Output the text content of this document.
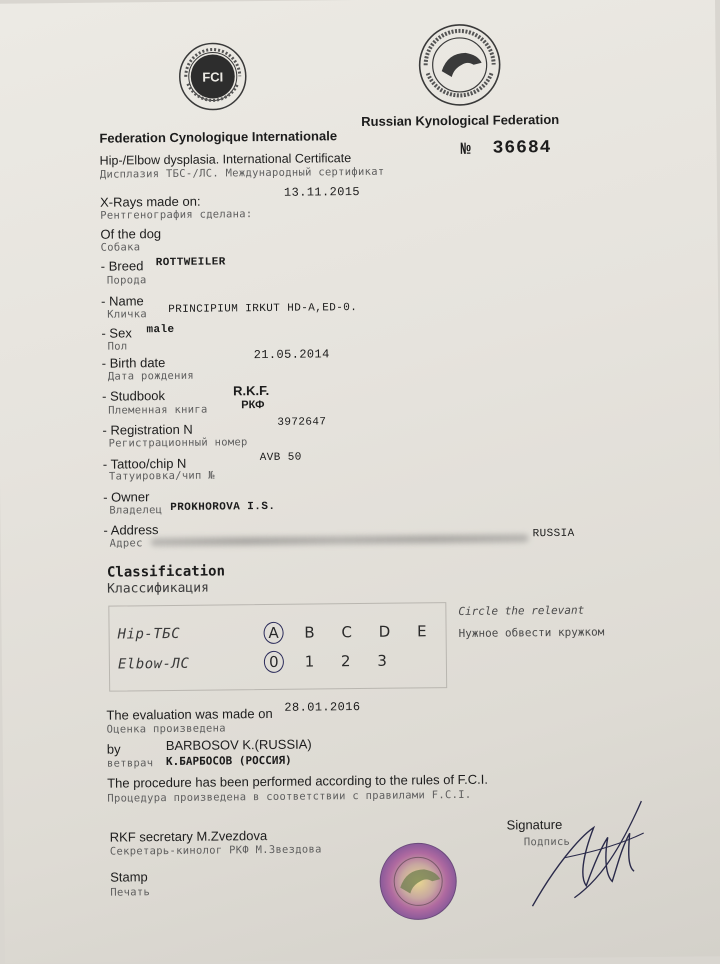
FCI
Federation Cynologique Internationale
Russian Kynological Federation
Hip-/Elbow dysplasia. International Certificate
Дисплазия ТБС-/ЛС. Международный сертификат
№ 36684
X-Rays made on:
Рентгенография сделана:
13.11.2015
Of the dog
Собака
- Breed
Порода
ROTTWEILER
- Name
Кличка PRINCIPIUM IRKUT HD-A,ED-0.
- Sex
Пол
male
- Birth date
Дата рождения
21.05.2014
- Studbook
Племенная книга
R.K.F.
РКФ
- Registration N
Регистрационный номер
3972647
- Tattoo/chip N
Татуировка/чип №
AVB 50
- Owner
Владелец PROKHOROVA I.S.
- Address
Адрес
RUSSIA
Classification
Классификация
Hip-ТБС
Elbow-ЛС
A B C D E
0 1 2 3
Circle the relevant
Нужное обвести кружком
The evaluation was made on 28.01.2016
Оценка произведена
by	BARBOSOV K.(RUSSIA)
ветврач К.БАРБОСОВ (РОССИЯ)
The procedure has been performed according to the rules of F.C.I.
Процедура произведена в соответствии с правилами F.C.I.
RKF secretary M.Zvezdova
Секретарь-кинолог РКФ М.Звездова
Signature
Подпись
Stamp
Печать
